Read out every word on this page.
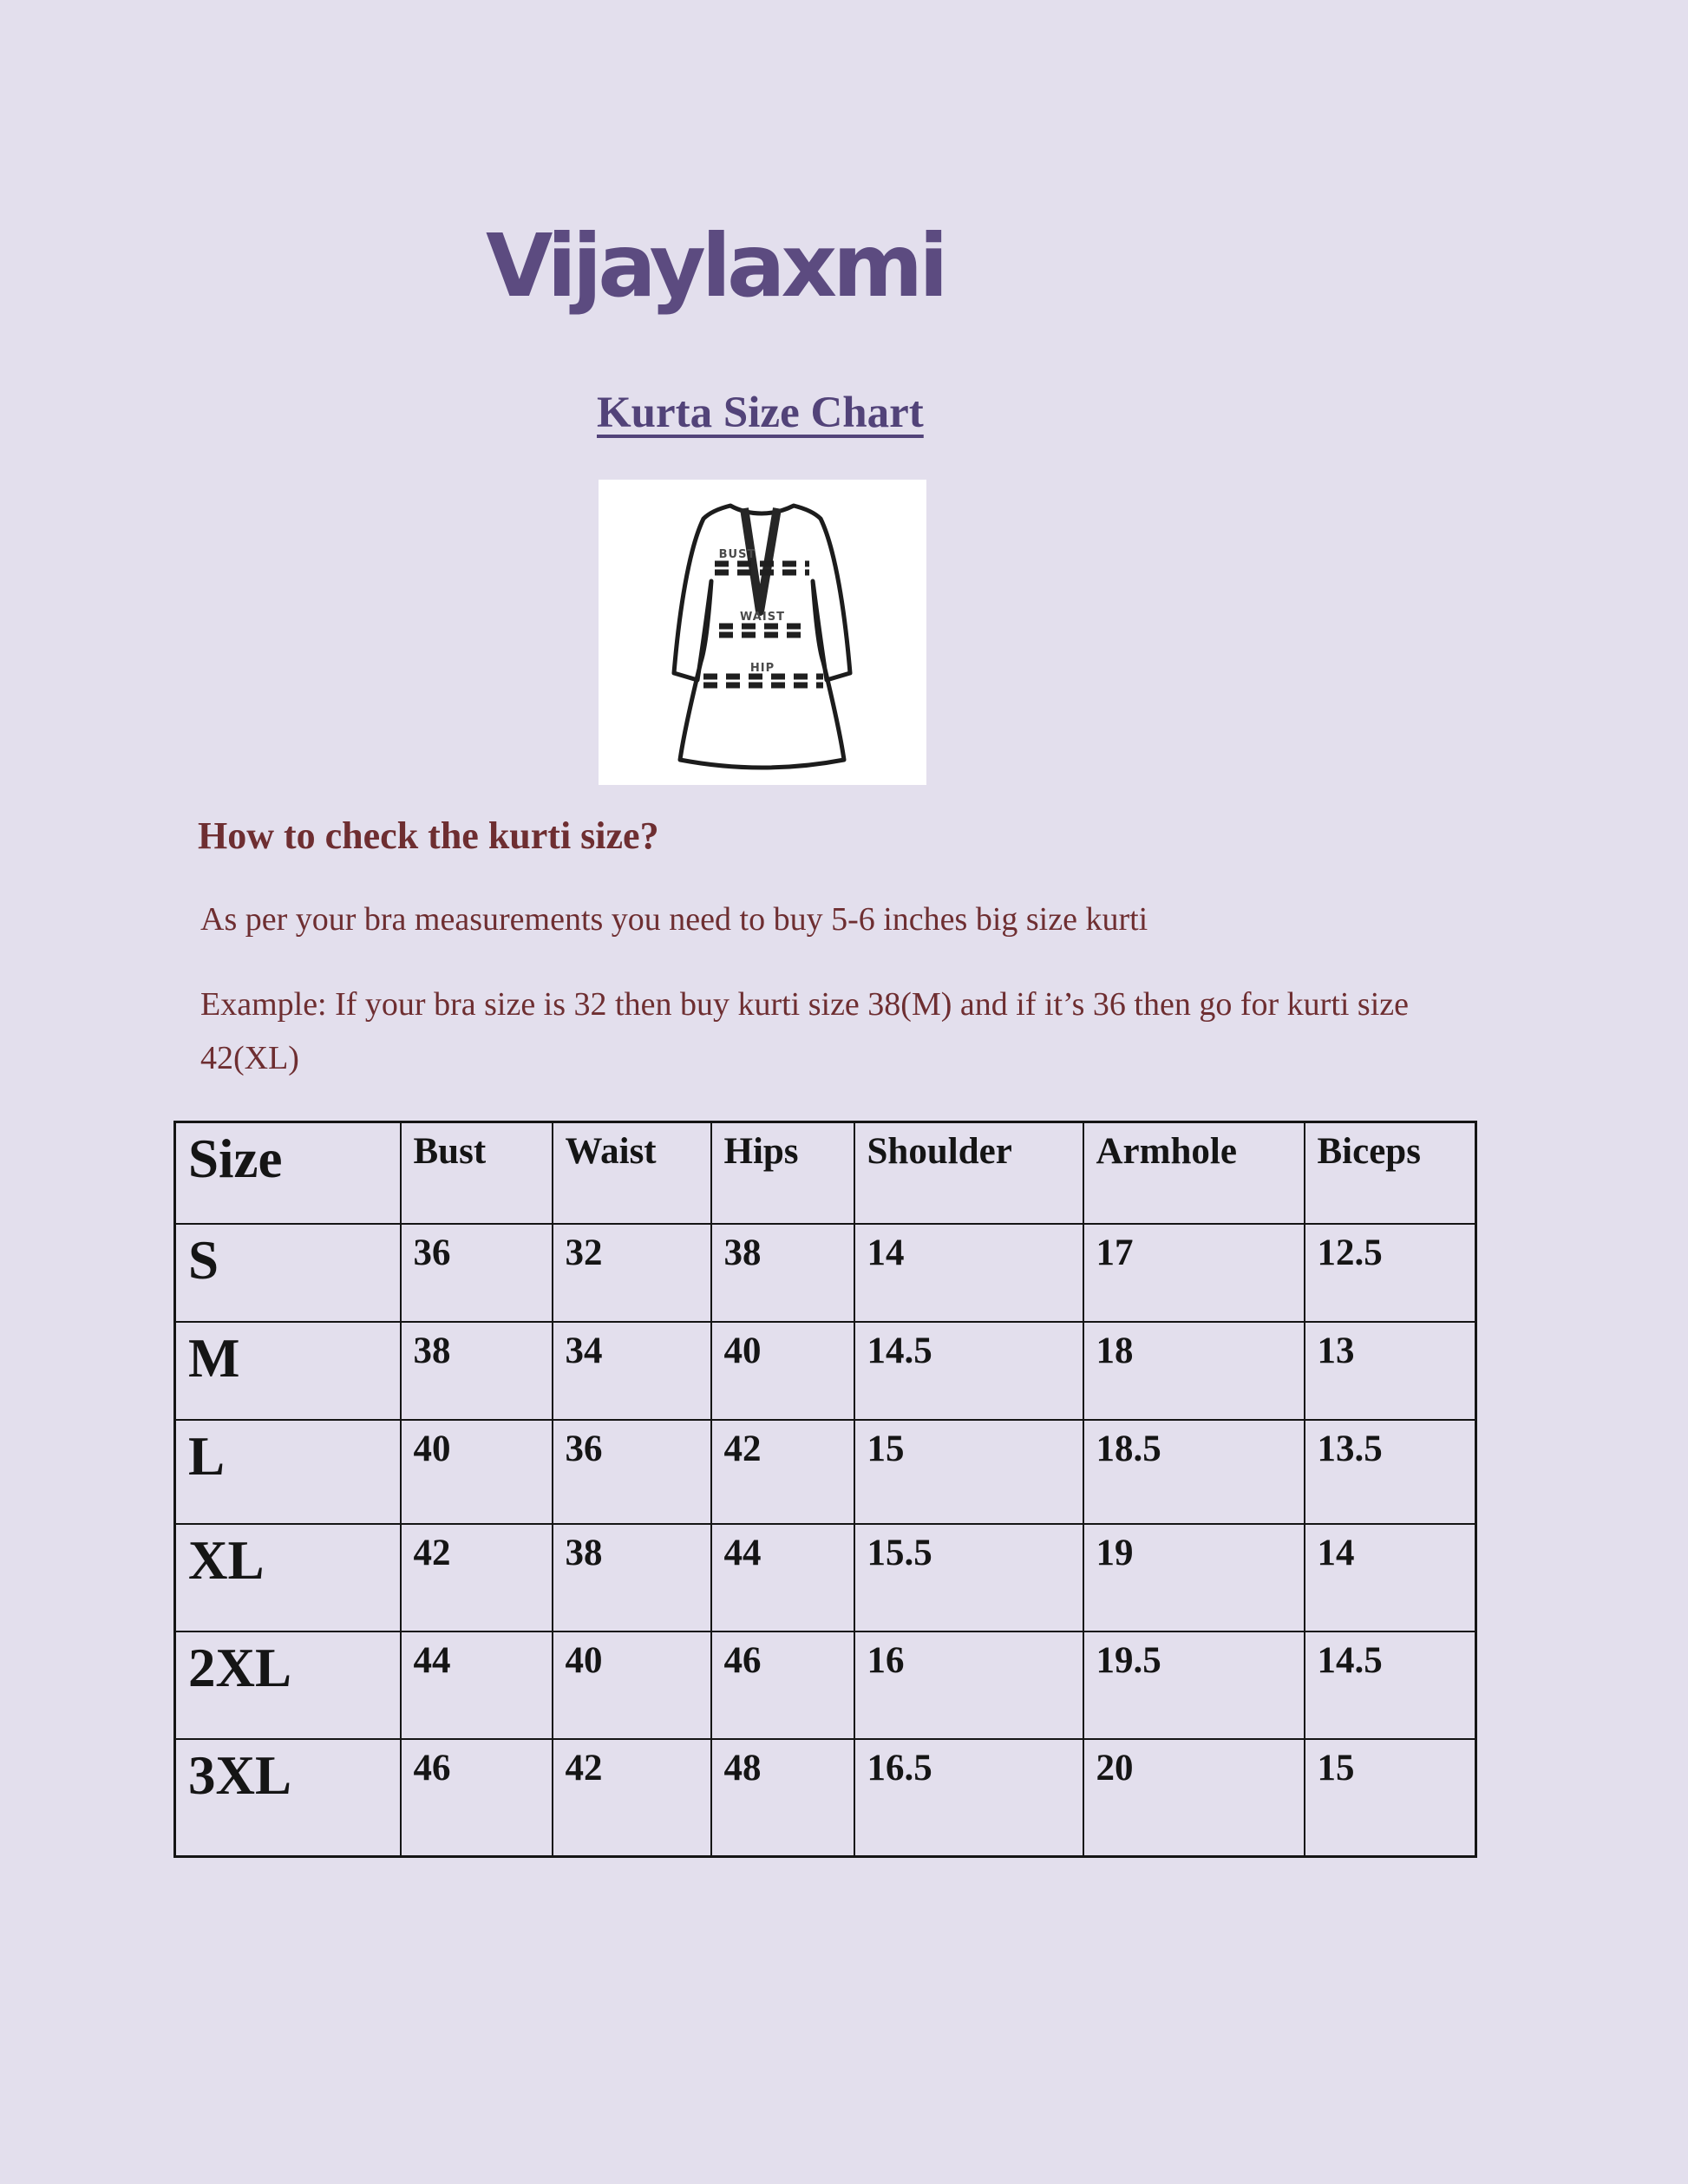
Vijaylaxmi
Kurta Size Chart
BUST
WAIST
HIP
How to check the kurti size?

As per your bra measurements you need to buy 5-6 inches big size kurti

Example: If your bra size is 32 then buy kurti size 38(M) and if it’s 36 then go for kurti size 42(XL)

Size	Bust	Waist	Hips	Shoulder	Armhole	Biceps
S	36	32	38	14	17	12.5
M	38	34	40	14.5	18	13
L	40	36	42	15	18.5	13.5
XL	42	38	44	15.5	19	14
2XL	44	40	46	16	19.5	14.5
3XL	46	42	48	16.5	20	15
